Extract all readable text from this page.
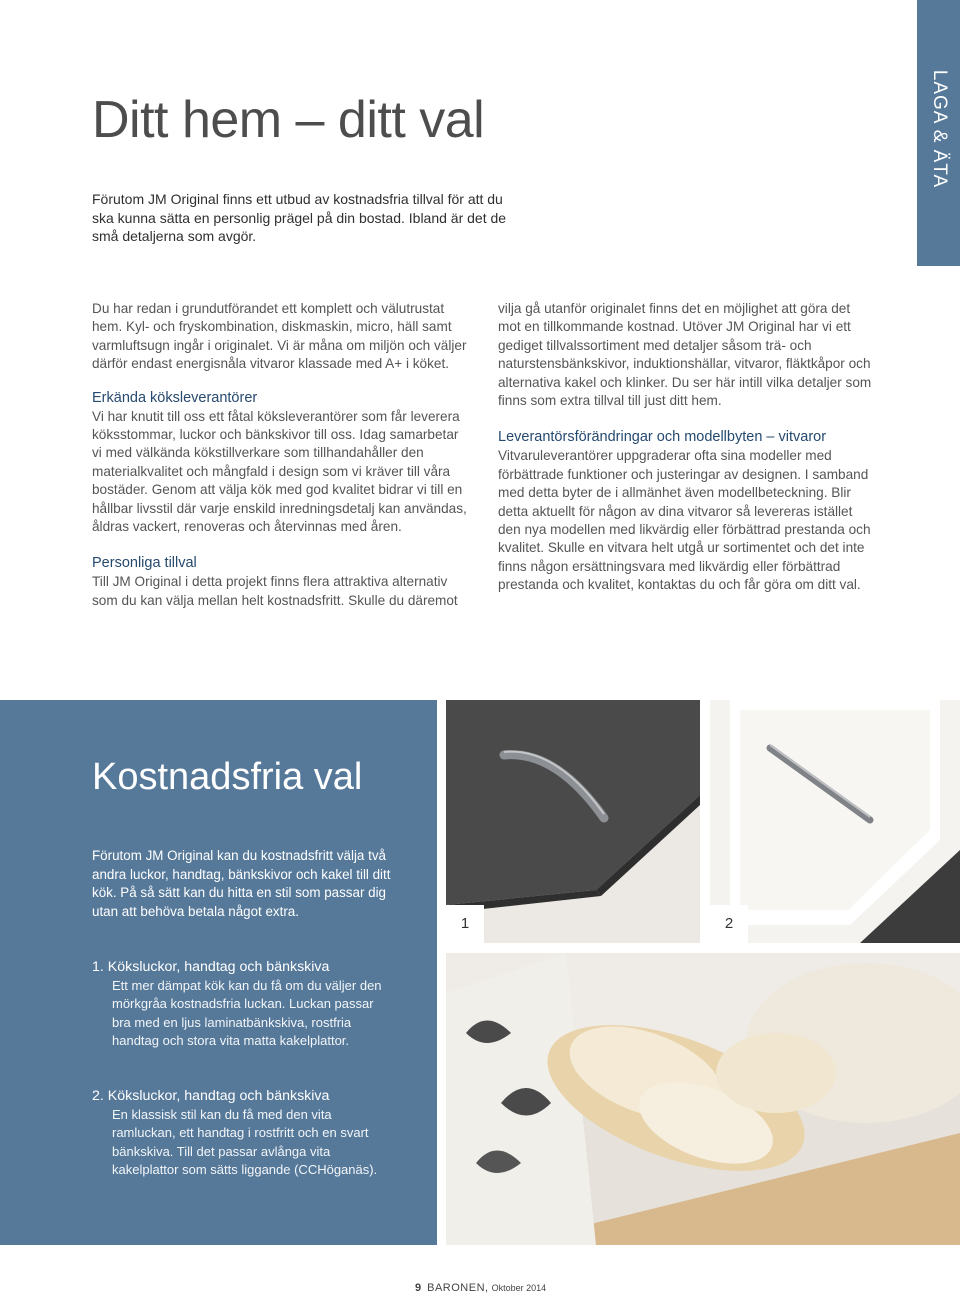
LAGA & ÄTA
Ditt hem – ditt val

Förutom JM Original finns ett utbud av kostnadsfria tillval för att du ska kunna sätta en personlig prägel på din bostad. Ibland är det de små detaljerna som avgör.

Du har redan i grundutförandet ett komplett och välutrustat hem. Kyl- och fryskombination, diskmaskin, micro, häll samt varmluftsugn ingår i originalet. Vi är måna om miljön och väljer därför endast energisnåla vitvaror klassade med A+ i köket.

Erkända köksleverantörer

Vi har knutit till oss ett fåtal köksleverantörer som får leverera köksstommar, luckor och bänkskivor till oss. Idag samarbetar vi med välkända kökstillverkare som tillhandahåller den materialkvalitet och mångfald i design som vi kräver till våra bostäder. Genom att välja kök med god kvalitet bidrar vi till en hållbar livsstil där varje enskild inredningsdetalj kan användas, åldras vackert, renoveras och återvinnas med åren.

Personliga tillval

Till JM Original i detta projekt finns flera attraktiva alternativ som du kan välja mellan helt kostnadsfritt. Skulle du däremot

vilja gå utanför originalet finns det en möjlighet att göra det mot en tillkommande kostnad. Utöver JM Original har vi ett gediget tillvalssortiment med detaljer såsom trä- och naturstensbänkskivor, induktionshällar, vitvaror, fläktkåpor och alternativa kakel och klinker. Du ser här intill vilka detaljer som finns som extra tillval till just ditt hem.

Leverantörsförändringar och modellbyten – vitvaror

Vitvaruleverantörer uppgraderar ofta sina modeller med förbättrade funktioner och justeringar av designen. I samband med detta byter de i allmänhet även modellbeteckning. Blir detta aktuellt för någon av dina vitvaror så levereras istället den nya modellen med likvärdig eller förbättrad prestanda och kvalitet. Skulle en vitvara helt utgå ur sortimentet och det inte finns någon ersättningsvara med likvärdig eller förbättrad prestanda och kvalitet, kontaktas du och får göra om ditt val.

Kostnadsfria val

Förutom JM Original kan du kostnadsfritt välja två andra luckor, handtag, bänkskivor och kakel till ditt kök. På så sätt kan du hitta en stil som passar dig utan att behöva betala något extra.

1. Köksluckor, handtag och bänkskiva

Ett mer dämpat kök kan du få om du väljer den mörkgråa kostnadsfria luckan. Luckan passar bra med en ljus laminatbänkskiva, rostfria handtag och stora vita matta kakelplattor.

2. Köksluckor, handtag och bänkskiva

En klassisk stil kan du få med den vita ramluckan, ett handtag i rostfritt och en svart bänkskiva. Till det passar avlånga vita kakelplattor som sätts liggande (CCHöganäs).

1	2
9 BARONEN, Oktober 2014
